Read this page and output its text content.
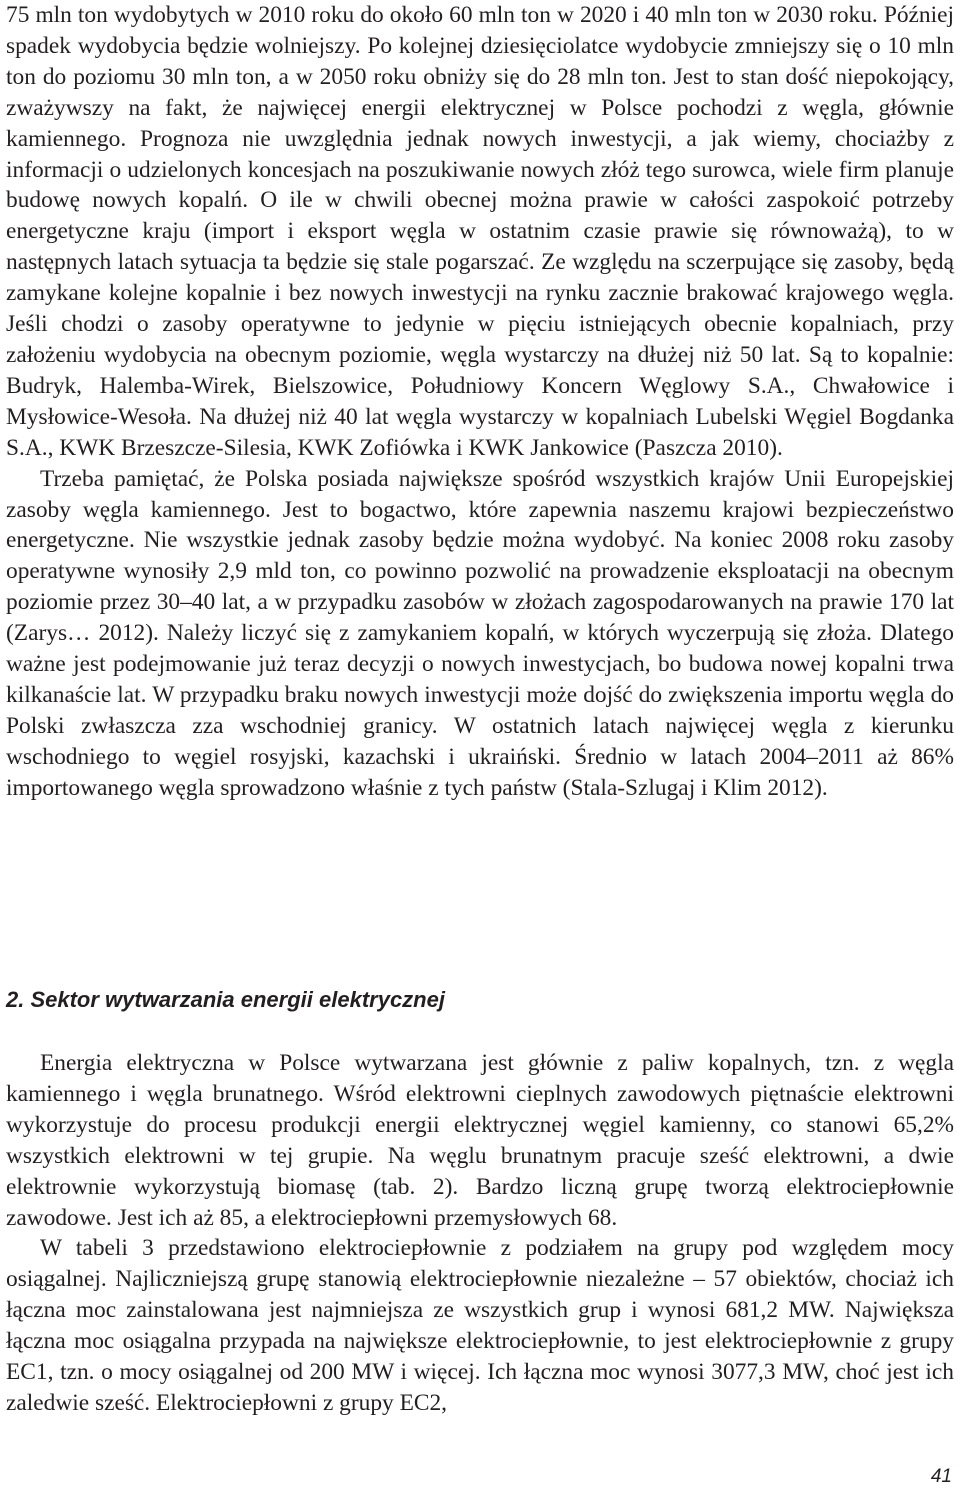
75 mln ton wydobytych w 2010 roku do około 60 mln ton w 2020 i 40 mln ton w 2030 roku. Później spadek wydobycia będzie wolniejszy. Po kolejnej dziesięciolatce wydobycie zmniejszy się o 10 mln ton do poziomu 30 mln ton, a w 2050 roku obniży się do 28 mln ton. Jest to stan dość niepokojący, zważywszy na fakt, że najwięcej energii elektrycznej w Polsce pochodzi z węgla, głównie kamiennego. Prognoza nie uwzględnia jednak nowych inwestycji, a jak wiemy, chociażby z informacji o udzielonych koncesjach na poszukiwanie nowych złóż tego surowca, wiele firm planuje budowę nowych kopalń. O ile w chwili obecnej można prawie w całości zaspokoić potrzeby energetyczne kraju (import i eksport węgla w ostatnim czasie prawie się równoważą), to w następnych latach sytuacja ta będzie się stale pogarszać. Ze względu na sczerpujące się zasoby, będą zamykane kolejne kopalnie i bez nowych inwestycji na rynku zacznie brakować krajowego węgla. Jeśli chodzi o zasoby operatywne to jedynie w pięciu istniejących obecnie kopalniach, przy założeniu wydobycia na obecnym poziomie, węgla wystarczy na dłużej niż 50 lat. Są to kopalnie: Budryk, Halemba-Wirek, Bielszowice, Południowy Koncern Węglowy S.A., Chwałowice i Mysłowice-Wesoła. Na dłużej niż 40 lat węgla wystarczy w kopalniach Lubelski Węgiel Bogdanka S.A., KWK Brzeszcze-Silesia, KWK Zofiówka i KWK Jankowice (Paszcza 2010).

Trzeba pamiętać, że Polska posiada największe spośród wszystkich krajów Unii Europejskiej zasoby węgla kamiennego. Jest to bogactwo, które zapewnia naszemu krajowi bezpieczeństwo energetyczne. Nie wszystkie jednak zasoby będzie można wydobyć. Na koniec 2008 roku zasoby operatywne wynosiły 2,9 mld ton, co powinno pozwolić na prowadzenie eksploatacji na obecnym poziomie przez 30–40 lat, a w przypadku zasobów w złożach zagospodarowanych na prawie 170 lat (Zarys… 2012). Należy liczyć się z zamykaniem kopalń, w których wyczerpują się złoża. Dlatego ważne jest podejmowanie już teraz decyzji o nowych inwestycjach, bo budowa nowej kopalni trwa kilkanaście lat. W przypadku braku nowych inwestycji może dojść do zwiększenia importu węgla do Polski zwłaszcza zza wschodniej granicy. W ostatnich latach najwięcej węgla z kierunku wschodniego to węgiel rosyjski, kazachski i ukraiński. Średnio w latach 2004–2011 aż 86% importowanego węgla sprowadzono właśnie z tych państw (Stala-Szlugaj i Klim 2012).

2. Sektor wytwarzania energii elektrycznej

Energia elektryczna w Polsce wytwarzana jest głównie z paliw kopalnych, tzn. z węgla kamiennego i węgla brunatnego. Wśród elektrowni cieplnych zawodowych piętnaście elektrowni wykorzystuje do procesu produkcji energii elektrycznej węgiel kamienny, co stanowi 65,2% wszystkich elektrowni w tej grupie. Na węglu brunatnym pracuje sześć elektrowni, a dwie elektrownie wykorzystują biomasę (tab. 2). Bardzo liczną grupę tworzą elektrociepłownie zawodowe. Jest ich aż 85, a elektrociepłowni przemysłowych 68.

W tabeli 3 przedstawiono elektrociepłownie z podziałem na grupy pod względem mocy osiągalnej. Najliczniejszą grupę stanowią elektrociepłownie niezależne – 57 obiektów, chociaż ich łączna moc zainstalowana jest najmniejsza ze wszystkich grup i wynosi 681,2 MW. Największa łączna moc osiągalna przypada na największe elektrociepłownie, to jest elektrociepłownie z grupy EC1, tzn. o mocy osiągalnej od 200 MW i więcej. Ich łączna moc wynosi 3077,3 MW, choć jest ich zaledwie sześć. Elektrociepłowni z grupy EC2,

41
